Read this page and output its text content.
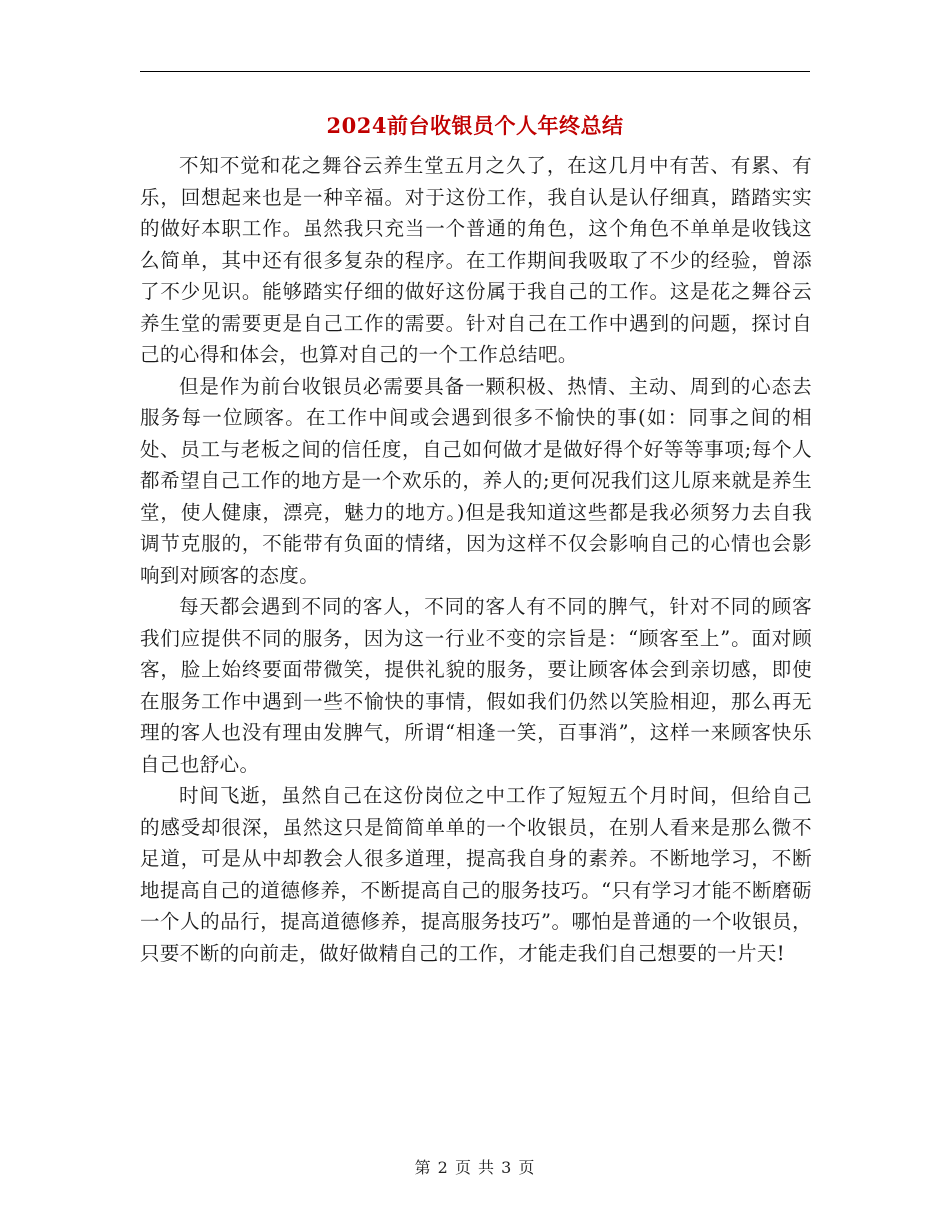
2024前台收银员个人年终总结

不知不觉和花之舞谷云养生堂五月之久了，在这几月中有苦、有累、有乐，回想起来也是一种辛福。对于这份工作，我自认是认仔细真，踏踏实实的做好本职工作。虽然我只充当一个普通的角色，这个角色不单单是收钱这么简单，其中还有很多复杂的程序。在工作期间我吸取了不少的经验，曾添了不少见识。能够踏实仔细的做好这份属于我自己的工作。这是花之舞谷云养生堂的需要更是自己工作的需要。针对自己在工作中遇到的问题，探讨自己的心得和体会，也算对自己的一个工作总结吧。

但是作为前台收银员必需要具备一颗积极、热情、主动、周到的心态去服务每一位顾客。在工作中间或会遇到很多不愉快的事(如：同事之间的相处、员工与老板之间的信任度，自己如何做才是做好得个好等等事项;每个人都希望自己工作的地方是一个欢乐的，养人的;更何况我们这儿原来就是养生堂，使人健康，漂亮，魅力的地方。)但是我知道这些都是我必须努力去自我调节克服的，不能带有负面的情绪，因为这样不仅会影响自己的心情也会影响到对顾客的态度。

每天都会遇到不同的客人，不同的客人有不同的脾气，针对不同的顾客我们应提供不同的服务，因为这一行业不变的宗旨是：“顾客至上”。面对顾客，脸上始终要面带微笑，提供礼貌的服务，要让顾客体会到亲切感，即使在服务工作中遇到一些不愉快的事情，假如我们仍然以笑脸相迎，那么再无理的客人也没有理由发脾气，所谓“相逢一笑，百事消”，这样一来顾客快乐自己也舒心。

时间飞逝，虽然自己在这份岗位之中工作了短短五个月时间，但给自己的感受却很深，虽然这只是简简单单的一个收银员，在别人看来是那么微不足道，可是从中却教会人很多道理，提高我自身的素养。不断地学习，不断地提高自己的道德修养，不断提高自己的服务技巧。“只有学习才能不断磨砺一个人的品行，提高道德修养，提高服务技巧”。哪怕是普通的一个收银员，只要不断的向前走，做好做精自己的工作，才能走我们自己想要的一片天!

第 2 页 共 3 页
